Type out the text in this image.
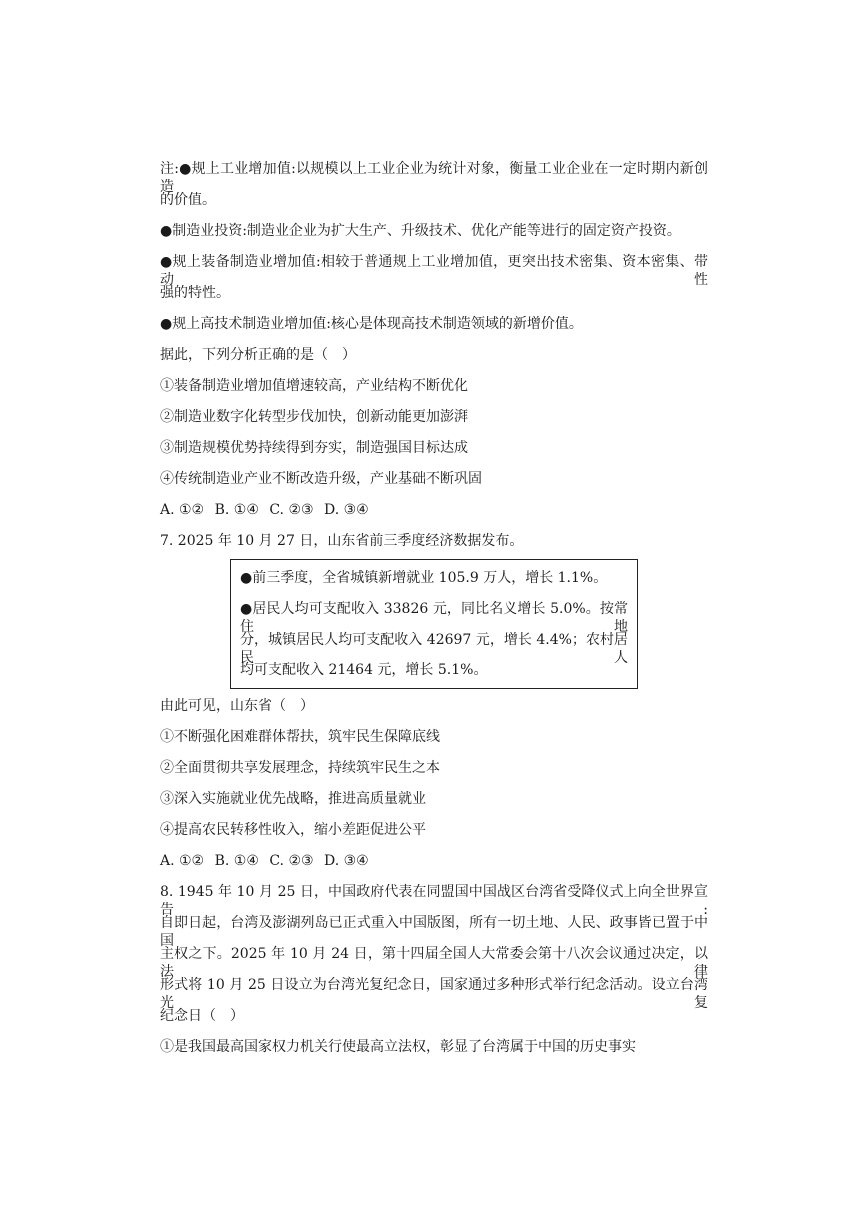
注:●规上工业增加值:以规模以上工业企业为统计对象，衡量工业企业在一定时期内新创造
的价值。
●制造业投资:制造业企业为扩大生产、升级技术、优化产能等进行的固定资产投资。
●规上装备制造业增加值:相较于普通规上工业增加值，更突出技术密集、资本密集、带动性
强的特性。
●规上高技术制造业增加值:核心是体现高技术制造领域的新增价值。
据此，下列分析正确的是（　）
①装备制造业增加值增速较高，产业结构不断优化
②制造业数字化转型步伐加快，创新动能更加澎湃
③制造规模优势持续得到夯实，制造强国目标达成
④传统制造业产业不断改造升级，产业基础不断巩固
A. ①② B. ①④ C. ②③ D. ③④
7. 2025 年 10 月 27 日，山东省前三季度经济数据发布。
●前三季度，全省城镇新增就业 105.9 万人，增长 1.1%。
●居民人均可支配收入 33826 元，同比名义增长 5.0%。按常住地
分，城镇居民人均可支配收入 42697 元，增长 4.4%；农村居民人
均可支配收入 21464 元，增长 5.1%。
由此可见，山东省（　）
①不断强化困难群体帮扶，筑牢民生保障底线
②全面贯彻共享发展理念，持续筑牢民生之本
③深入实施就业优先战略，推进高质量就业
④提高农民转移性收入，缩小差距促进公平
A. ①② B. ①④ C. ②③ D. ③④
8. 1945 年 10 月 25 日，中国政府代表在同盟国中国战区台湾省受降仪式上向全世界宣告:
自即日起，台湾及澎湖列岛已正式重入中国版图，所有一切土地、人民、政事皆已置于中国
主权之下。2025 年 10 月 24 日，第十四届全国人大常委会第十八次会议通过决定，以法律
形式将 10 月 25 日设立为台湾光复纪念日，国家通过多种形式举行纪念活动。设立台湾光复
纪念日（　）
①是我国最高国家权力机关行使最高立法权，彰显了台湾属于中国的历史事实
